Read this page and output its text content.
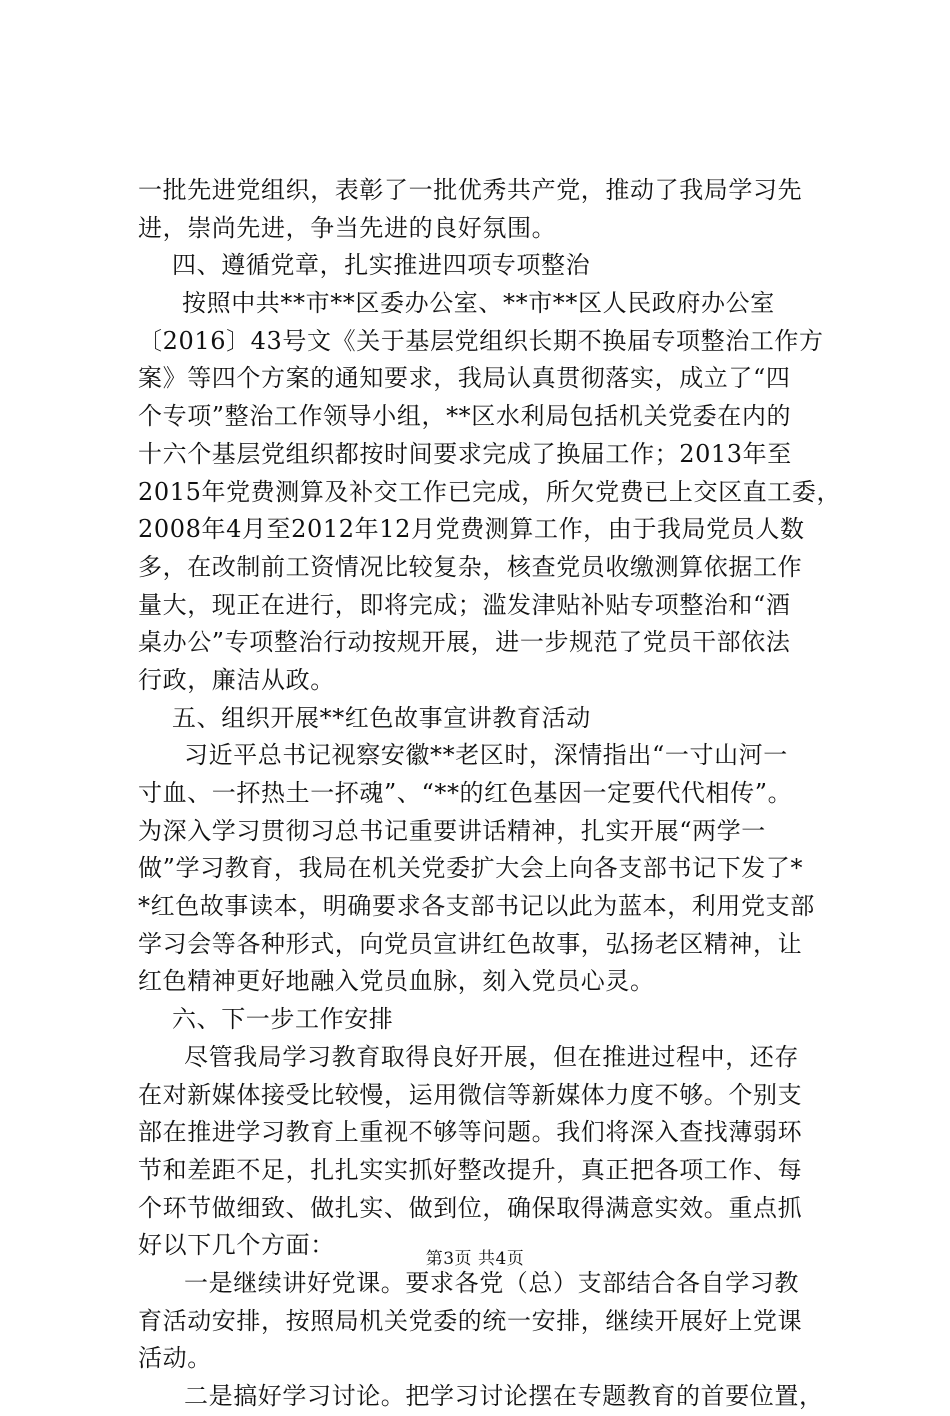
一批先进党组织，表彰了一批优秀共产党，推动了我局学习先
进，崇尚先进，争当先进的良好氛围。
四、遵循党章，扎实推进四项专项整治
按照中共**市**区委办公室、**市**区人民政府办公室
〔2016〕43号文《关于基层党组织长期不换届专项整治工作方
案》等四个方案的通知要求，我局认真贯彻落实，成立了“四
个专项”整治工作领导小组，**区水利局包括机关党委在内的
十六个基层党组织都按时间要求完成了换届工作；2013年至
2015年党费测算及补交工作已完成，所欠党费已上交区直工委，
2008年4月至2012年12月党费测算工作，由于我局党员人数
多，在改制前工资情况比较复杂，核查党员收缴测算依据工作
量大，现正在进行，即将完成；滥发津贴补贴专项整治和“酒
桌办公”专项整治行动按规开展，进一步规范了党员干部依法
行政，廉洁从政。
五、组织开展**红色故事宣讲教育活动
习近平总书记视察安徽**老区时，深情指出“一寸山河一
寸血、一抔热土一抔魂”、“**的红色基因一定要代代相传”。
为深入学习贯彻习总书记重要讲话精神，扎实开展“两学一
做”学习教育，我局在机关党委扩大会上向各支部书记下发了*
*红色故事读本，明确要求各支部书记以此为蓝本，利用党支部
学习会等各种形式，向党员宣讲红色故事，弘扬老区精神，让
红色精神更好地融入党员血脉，刻入党员心灵。
六、下一步工作安排
尽管我局学习教育取得良好开展，但在推进过程中，还存
在对新媒体接受比较慢，运用微信等新媒体力度不够。个别支
部在推进学习教育上重视不够等问题。我们将深入查找薄弱环
节和差距不足，扎扎实实抓好整改提升，真正把各项工作、每
个环节做细致、做扎实、做到位，确保取得满意实效。重点抓
好以下几个方面：
一是继续讲好党课。要求各党（总）支部结合各自学习教
育活动安排，按照局机关党委的统一安排，继续开展好上党课
活动。
二是搞好学习讨论。把学习讨论摆在专题教育的首要位置，
第3页 共4页
